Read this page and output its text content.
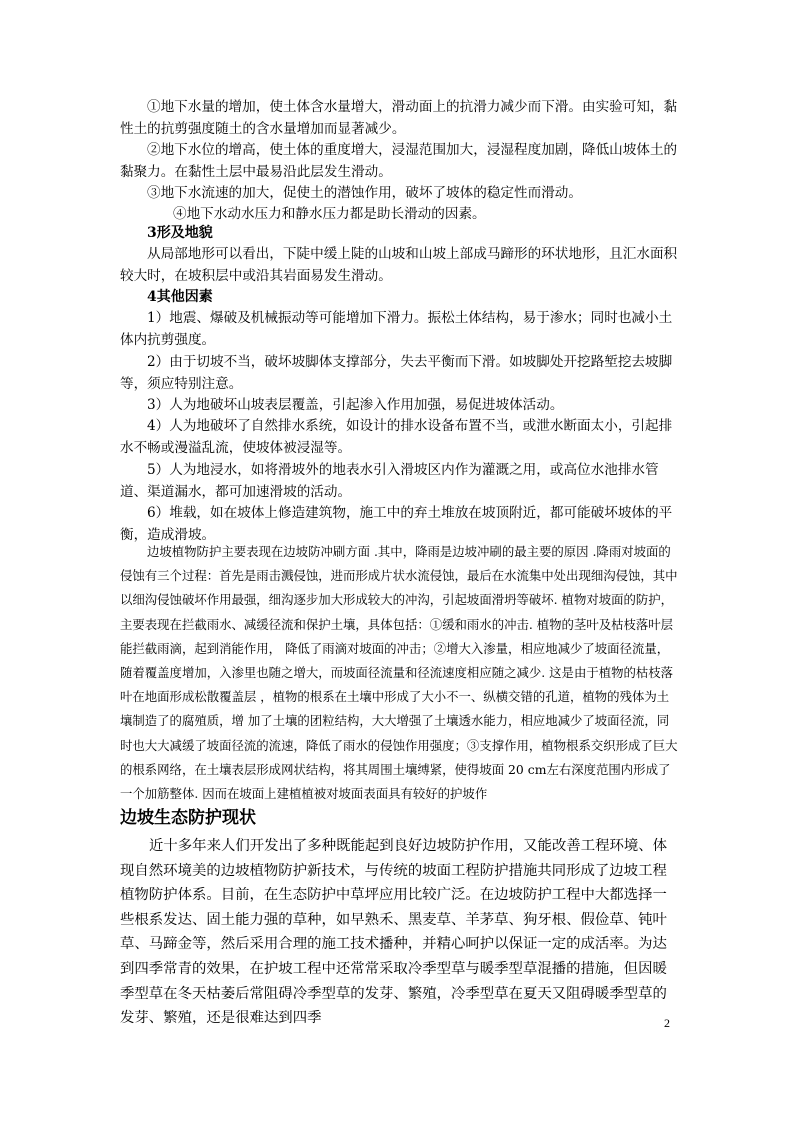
①地下水量的增加，使土体含水量增大，滑动面上的抗滑力减少而下滑。由实验可知，黏性土的抗剪强度随土的含水量增加而显著减少。

②地下水位的增高，使土体的重度增大，浸湿范围加大，浸湿程度加剧，降低山坡体土的黏聚力。在黏性土层中最易沿此层发生滑动。

③地下水流速的加大，促使土的潜蚀作用，破坏了坡体的稳定性而滑动。

④地下水动水压力和静水压力都是助长滑动的因素。

3形及地貌

从局部地形可以看出，下陡中缓上陡的山坡和山坡上部成马蹄形的环状地形，且汇水面积较大时，在坡积层中或沿其岩面易发生滑动。

4其他因素

1）地震、爆破及机械振动等可能增加下滑力。振松土体结构，易于渗水；同时也减小土体内抗剪强度。

2）由于切坡不当，破坏坡脚体支撑部分，失去平衡而下滑。如坡脚处开挖路堑挖去坡脚等，须应特别注意。

3）人为地破坏山坡表层覆盖，引起渗入作用加强，易促进坡体活动。

4）人为地破坏了自然排水系统，如设计的排水设备布置不当，或泄水断面太小，引起排水不畅或漫溢乱流，使坡体被浸湿等。

5）人为地浸水，如将滑坡外的地表水引入滑坡区内作为灌溉之用，或高位水池排水管道、渠道漏水，都可加速滑坡的活动。

6）堆载，如在坡体上修造建筑物，施工中的弃土堆放在坡顶附近，都可能破坏坡体的平衡，造成滑坡。

边坡植物防护主要表现在边坡防冲刷方面 .其中，降雨是边坡冲刷的最主要的原因 .降雨对坡面的侵蚀有三个过程：首先是雨击溅侵蚀，进而形成片状水流侵蚀，最后在水流集中处出现细沟侵蚀，其中以细沟侵蚀破坏作用最强，细沟逐步加大形成较大的冲沟，引起坡面滑坍等破坏. 植物对坡面的防护，主要表现在拦截雨水、减缓径流和保护土壤，具体包括：①缓和雨水的冲击. 植物的茎叶及枯枝落叶层能拦截雨滴，起到消能作用， 降低了雨滴对坡面的冲击；②增大入渗量，相应地减少了坡面径流量，随着覆盖度增加，入渗里也随之增大，而坡面径流量和径流速度相应随之减少. 这是由于植物的枯枝落叶在地面形成松散覆盖层 ，植物的根系在土壤中形成了大小不一、纵横交错的孔道，植物的残体为土壤制造了的腐殖质，增 加了土壤的团粒结构，大大增强了土壤透水能力，相应地减少了坡面径流，同时也大大减缓了坡面径流的流速，降低了雨水的侵蚀作用强度；③支撑作用，植物根系交织形成了巨大的根系网络，在土壤表层形成网状结构，将其周围土壤缚紧，使得坡面 20 cm左右深度范围内形成了一个加筋整体. 因而在坡面上建植植被对坡面表面具有较好的护坡作

边坡生态防护现状

近十多年来人们开发出了多种既能起到良好边坡防护作用，又能改善工程环境、体现自然环境美的边坡植物防护新技术，与传统的坡面工程防护措施共同形成了边坡工程植物防护体系。目前，在生态防护中草坪应用比较广泛。在边坡防护工程中大都选择一些根系发达、固土能力强的草种，如早熟禾、黑麦草、羊茅草、狗牙根、假俭草、钝叶草、马蹄金等，然后采用合理的施工技术播种，并精心呵护以保证一定的成活率。为达到四季常青的效果，在护坡工程中还常常采取冷季型草与暖季型草混播的措施，但因暖季型草在冬天枯萎后常阻碍冷季型草的发芽、繁殖，冷季型草在夏天又阻碍暖季型草的发芽、繁殖，还是很难达到四季	2
